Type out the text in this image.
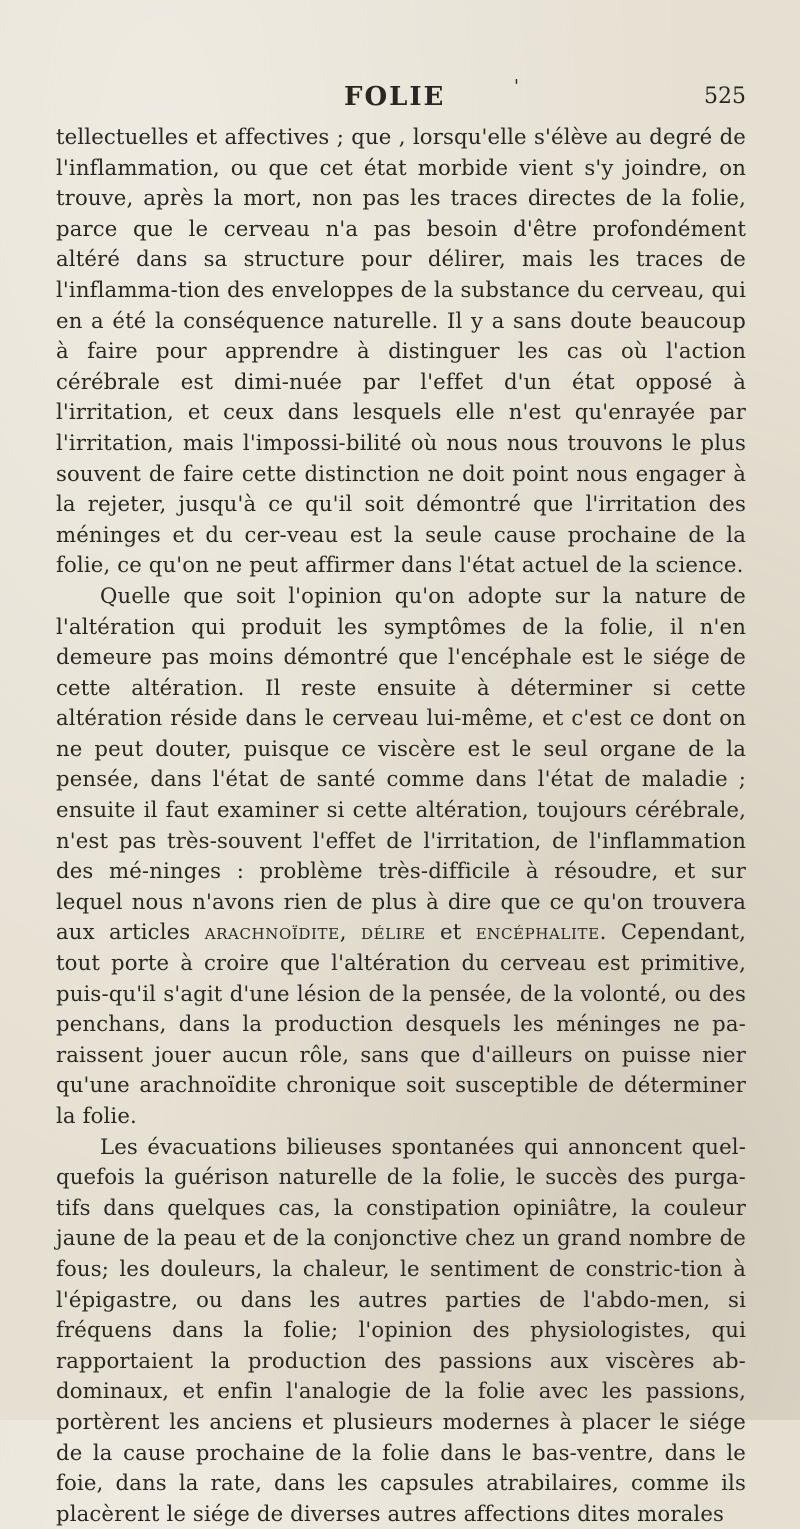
FOLIE	'	525

tellectuelles et affectives ; que , lorsqu'elle s'élève au degré de l'inflammation, ou que cet état morbide vient s'y joindre, on trouve, après la mort, non pas les traces directes de la folie, parce que le cerveau n'a pas besoin d'être profondément altéré dans sa structure pour délirer, mais les traces de l'inflamma-tion des enveloppes de la substance du cerveau, qui en a été la conséquence naturelle. Il y a sans doute beaucoup à faire pour apprendre à distinguer les cas où l'action cérébrale est dimi-nuée par l'effet d'un état opposé à l'irritation, et ceux dans lesquels elle n'est qu'enrayée par l'irritation, mais l'impossi-bilité où nous nous trouvons le plus souvent de faire cette distinction ne doit point nous engager à la rejeter, jusqu'à ce qu'il soit démontré que l'irritation des méninges et du cer-veau est la seule cause prochaine de la folie, ce qu'on ne peut affirmer dans l'état actuel de la science.

Quelle que soit l'opinion qu'on adopte sur la nature de l'altération qui produit les symptômes de la folie, il n'en demeure pas moins démontré que l'encéphale est le siége de cette altération. Il reste ensuite à déterminer si cette altération réside dans le cerveau lui-même, et c'est ce dont on ne peut douter, puisque ce viscère est le seul organe de la pensée, dans l'état de santé comme dans l'état de maladie ; ensuite il faut examiner si cette altération, toujours cérébrale, n'est pas très-souvent l'effet de l'irritation, de l'inflammation des mé-ninges : problème très-difficile à résoudre, et sur lequel nous n'avons rien de plus à dire que ce qu'on trouvera aux articles arachnoïdite, délire et encéphalite. Cependant, tout porte à croire que l'altération du cerveau est primitive, puis-qu'il s'agit d'une lésion de la pensée, de la volonté, ou des penchans, dans la production desquels les méninges ne pa-raissent jouer aucun rôle, sans que d'ailleurs on puisse nier qu'une arachnoïdite chronique soit susceptible de déterminer la folie.

Les évacuations bilieuses spontanées qui annoncent quel-quefois la guérison naturelle de la folie, le succès des purga-tifs dans quelques cas, la constipation opiniâtre, la couleur jaune de la peau et de la conjonctive chez un grand nombre de fous; les douleurs, la chaleur, le sentiment de constric-tion à l'épigastre, ou dans les autres parties de l'abdo-men, si fréquens dans la folie; l'opinion des physiologistes, qui rapportaient la production des passions aux viscères ab-dominaux, et enfin l'analogie de la folie avec les passions, portèrent les anciens et plusieurs modernes à placer le siége de la cause prochaine de la folie dans le bas-ventre, dans le foie, dans la rate, dans les capsules atrabilaires, comme ils placèrent le siége de diverses autres affections dites morales
